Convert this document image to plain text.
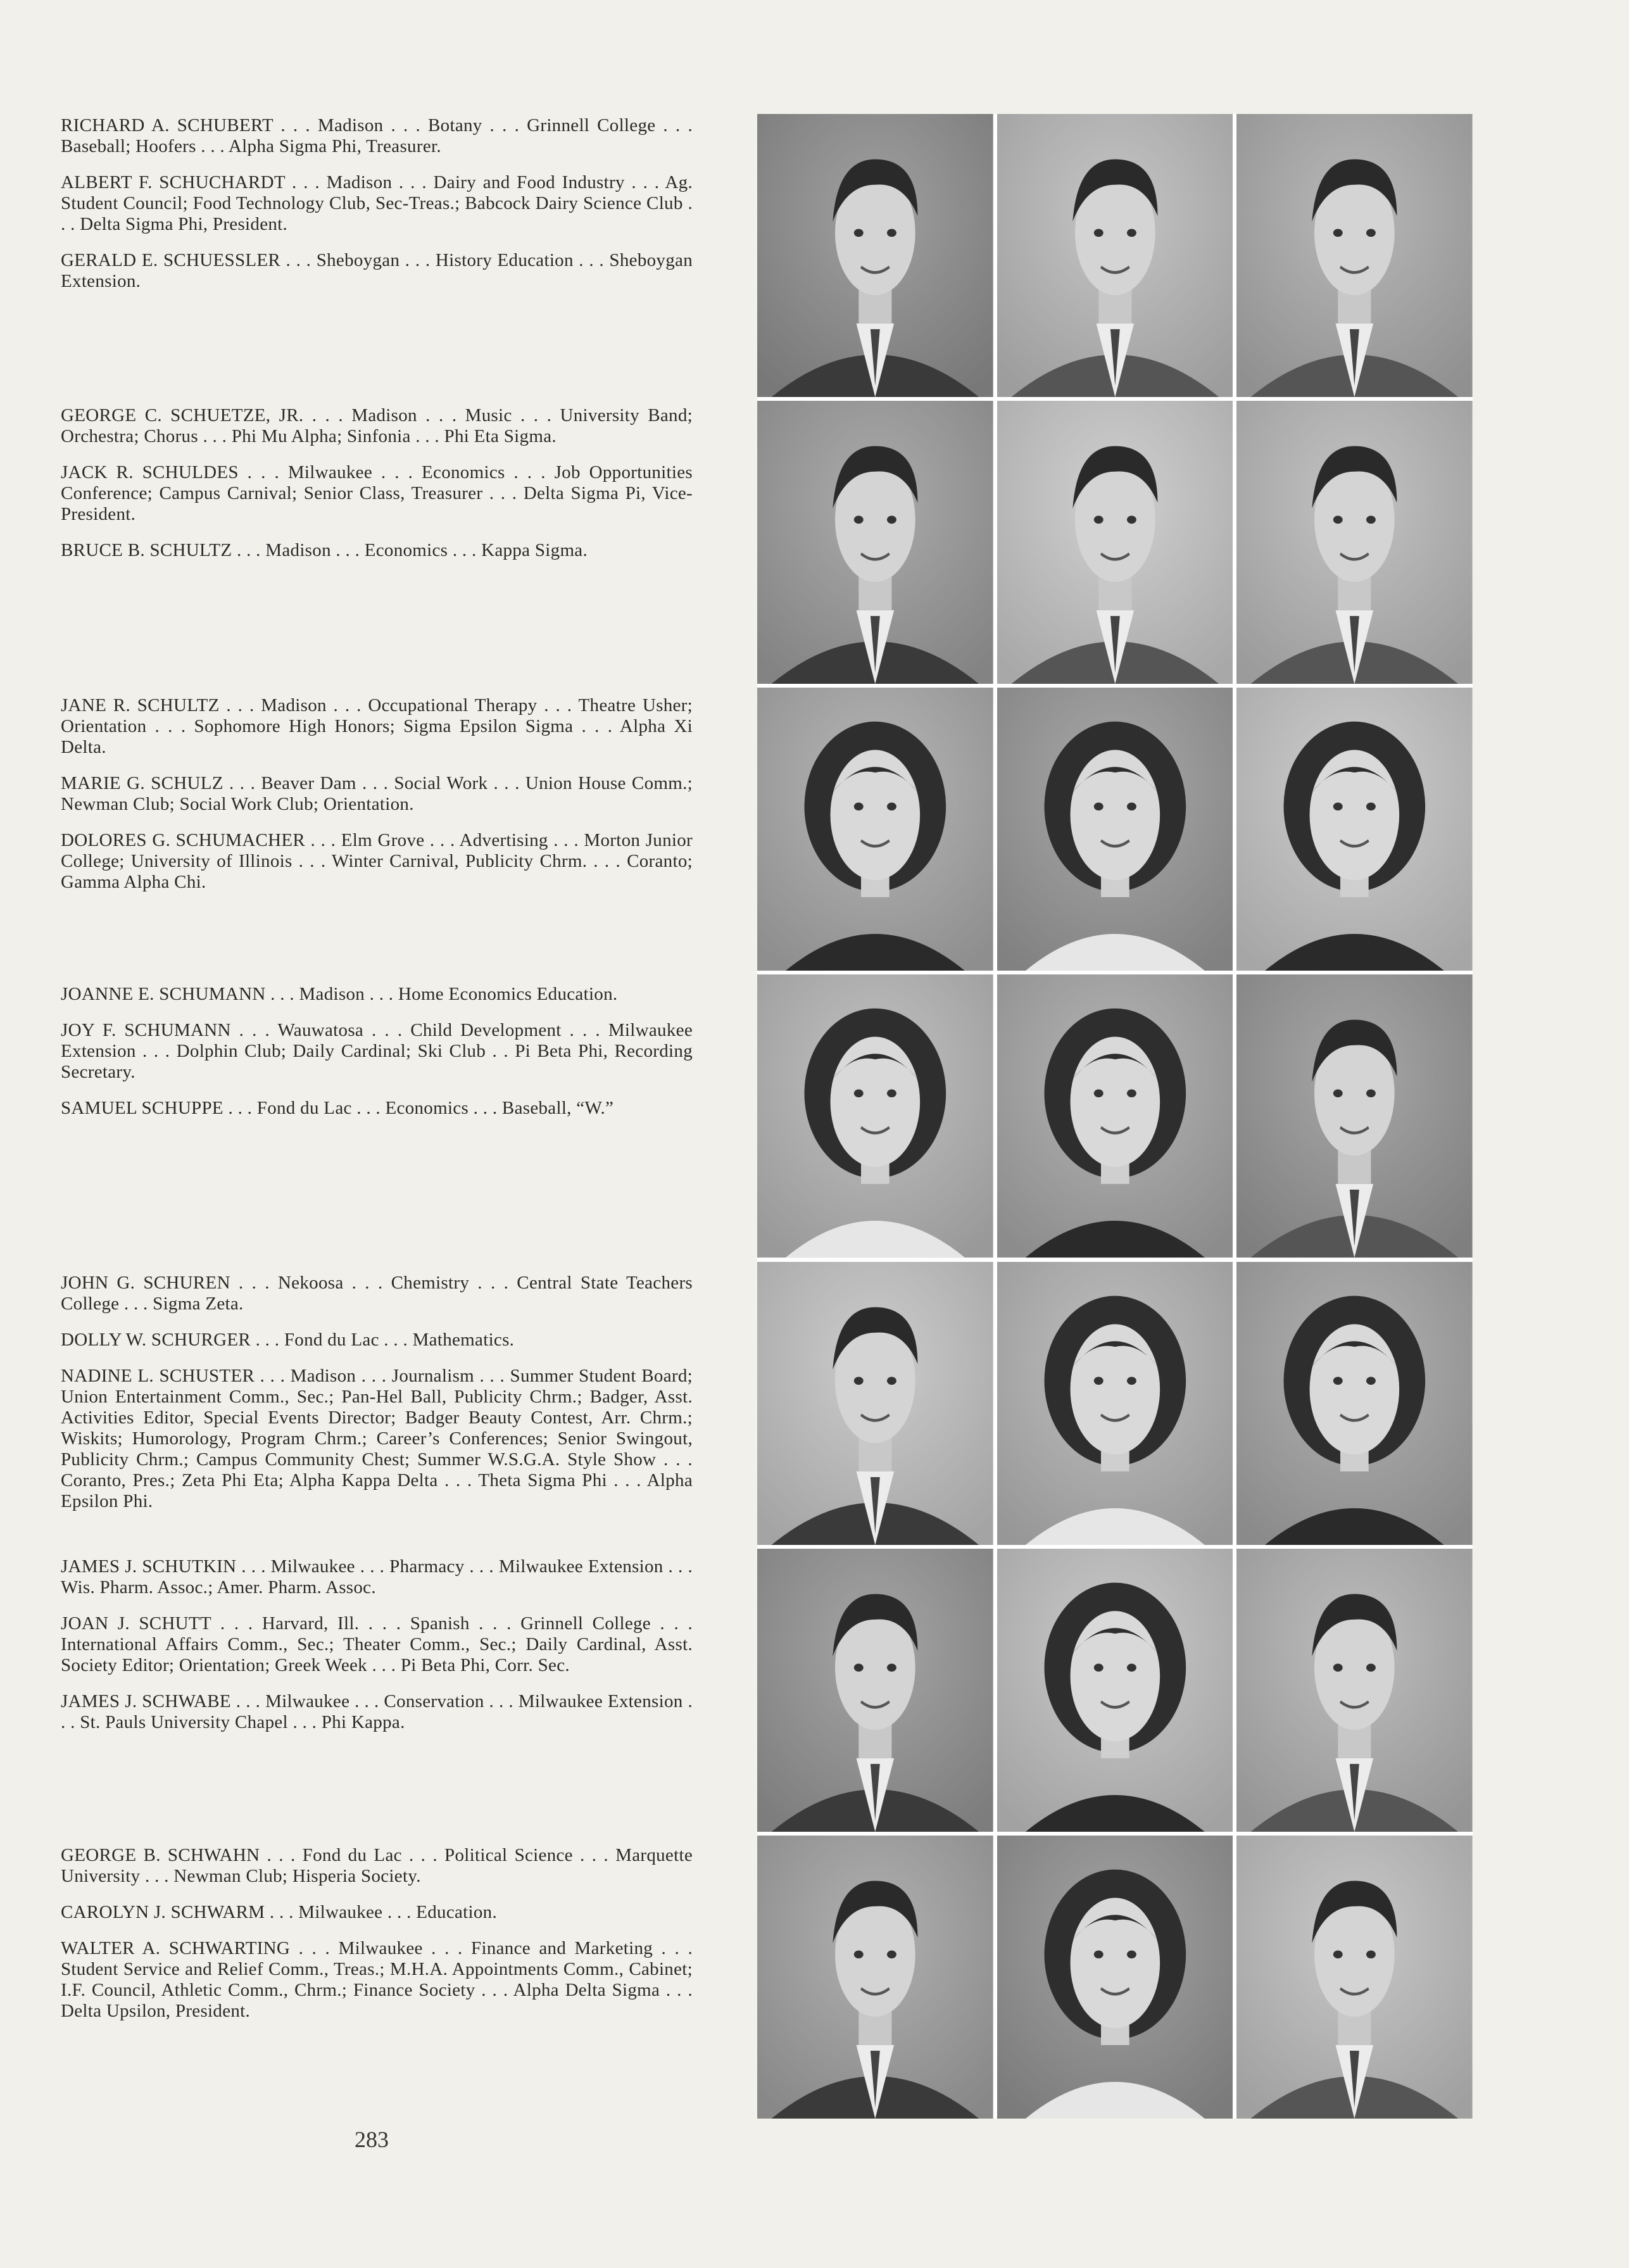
RICHARD A. SCHUBERT . . . Madison . . . Botany . . . Grinnell College . . . Baseball; Hoofers . . . Alpha Sigma Phi, Treasurer.

ALBERT F. SCHUCHARDT . . . Madison . . . Dairy and Food Industry . . . Ag. Student Council; Food Technology Club, Sec-Treas.; Babcock Dairy Science Club . . . Delta Sigma Phi, President.

GERALD E. SCHUESSLER . . . Sheboygan . . . History Education . . . Sheboygan Extension.

GEORGE C. SCHUETZE, JR. . . . Madison . . . Music . . . University Band; Orchestra; Chorus . . . Phi Mu Alpha; Sinfonia . . . Phi Eta Sigma.

JACK R. SCHULDES . . . Milwaukee . . . Economics . . . Job Opportunities Conference; Campus Carnival; Senior Class, Treasurer . . . Delta Sigma Pi, Vice-President.

BRUCE B. SCHULTZ . . . Madison . . . Economics . . . Kappa Sigma.

JANE R. SCHULTZ . . . Madison . . . Occupational Therapy . . . Theatre Usher; Orientation . . . Sophomore High Honors; Sigma Epsilon Sigma . . . Alpha Xi Delta.

MARIE G. SCHULZ . . . Beaver Dam . . . Social Work . . . Union House Comm.; Newman Club; Social Work Club; Orientation.

DOLORES G. SCHUMACHER . . . Elm Grove . . . Advertising . . . Morton Junior College; University of Illinois . . . Winter Carnival, Publicity Chrm. . . . Coranto; Gamma Alpha Chi.

JOANNE E. SCHUMANN . . . Madison . . . Home Economics Education.

JOY F. SCHUMANN . . . Wauwatosa . . . Child Development . . . Milwaukee Extension . . . Dolphin Club; Daily Cardinal; Ski Club . . Pi Beta Phi, Recording Secretary.

SAMUEL SCHUPPE . . . Fond du Lac . . . Economics . . . Baseball, “W.”

JOHN G. SCHUREN . . . Nekoosa . . . Chemistry . . . Central State Teachers College . . . Sigma Zeta.

DOLLY W. SCHURGER . . . Fond du Lac . . . Mathematics.

NADINE L. SCHUSTER . . . Madison . . . Journalism . . . Summer Student Board; Union Entertainment Comm., Sec.; Pan-Hel Ball, Publicity Chrm.; Badger, Asst. Activities Editor, Special Events Director; Badger Beauty Contest, Arr. Chrm.; Wiskits; Humorology, Program Chrm.; Career’s Conferences; Senior Swingout, Publicity Chrm.; Campus Community Chest; Summer W.S.G.A. Style Show . . . Coranto, Pres.; Zeta Phi Eta; Alpha Kappa Delta . . . Theta Sigma Phi . . . Alpha Epsilon Phi.

JAMES J. SCHUTKIN . . . Milwaukee . . . Pharmacy . . . Milwaukee Extension . . . Wis. Pharm. Assoc.; Amer. Pharm. Assoc.

JOAN J. SCHUTT . . . Harvard, Ill. . . . Spanish . . . Grinnell College . . . International Affairs Comm., Sec.; Theater Comm., Sec.; Daily Cardinal, Asst. Society Editor; Orientation; Greek Week . . . Pi Beta Phi, Corr. Sec.

JAMES J. SCHWABE . . . Milwaukee . . . Conservation . . . Milwaukee Extension . . . St. Pauls University Chapel . . . Phi Kappa.

GEORGE B. SCHWAHN . . . Fond du Lac . . . Political Science . . . Marquette University . . . Newman Club; Hisperia Society.

CAROLYN J. SCHWARM . . . Milwaukee . . . Education.

WALTER A. SCHWARTING . . . Milwaukee . . . Finance and Marketing . . . Student Service and Relief Comm., Treas.; M.H.A. Appointments Comm., Cabinet; I.F. Council, Athletic Comm., Chrm.; Finance Society . . . Alpha Delta Sigma . . . Delta Upsilon, President.

283
